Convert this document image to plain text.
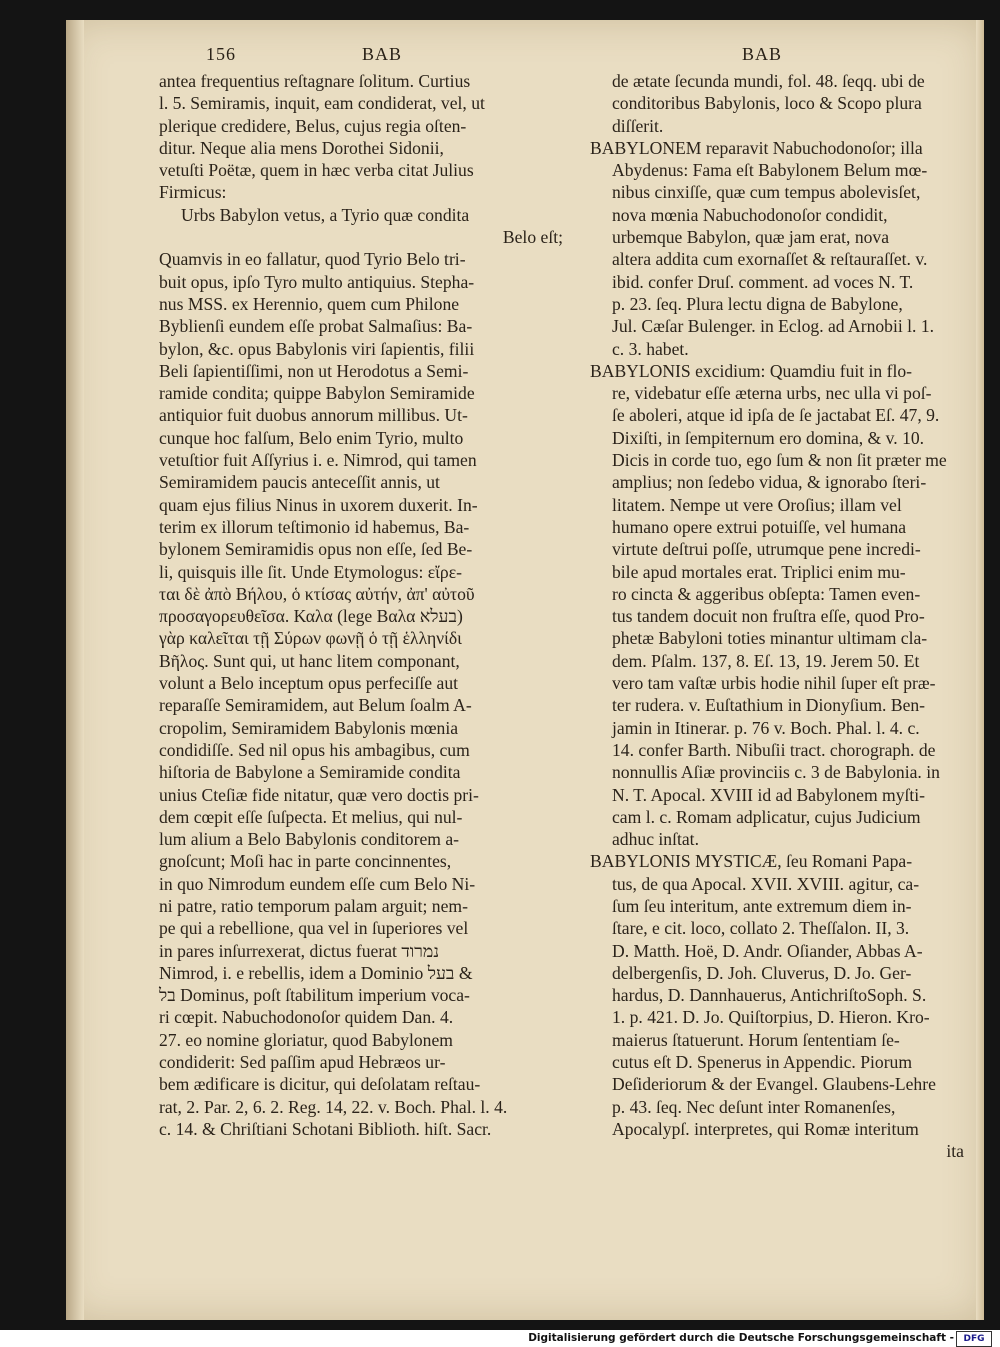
156	BAB	BAB
antea frequentius reſtagnare ſolitum. Curtius
l. 5. Semiramis, inquit, eam condiderat, vel, ut
plerique credidere, Belus, cujus regia oſten-
ditur. Neque alia mens Dorothei Sidonii,
vetuſti Poëtæ, quem in hæc verba citat Julius
Firmicus:
Urbs Babylon vetus, a Tyrio quæ condita
Belo eſt;
Quamvis in eo fallatur, quod Tyrio Belo tri-
buit opus, ipſo Tyro multo antiquius. Stepha-
nus MSS. ex Herennio, quem cum Philone
Byblienſi eundem eſſe probat Salmaſius: Ba-
bylon, &c. opus Babylonis viri ſapientis, filii
Beli ſapientiſſimi, non ut Herodotus a Semi-
ramide condita; quippe Babylon Semiramide
antiquior fuit duobus annorum millibus. Ut-
cunque hoc falſum, Belo enim Tyrio, multo
vetuſtior fuit Aſſyrius i. e. Nimrod, qui tamen
Semiramidem paucis anteceſſit annis, ut
quam ejus filius Ninus in uxorem duxerit. In-
terim ex illorum teſtimonio id habemus, Ba-
bylonem Semiramidis opus non eſſe, ſed Be-
li, quisquis ille ſit. Unde Etymologus: εἴρε-
ται δὲ ἀπὸ Βήλου, ὁ κτίσας αὐτήν, ἀπ' αὐτοῦ
προσαγορευθεῖσα. Καλα (lege Βαλα בעלא)
γὰρ καλεῖται τῇ Σύρων φωνῇ ὁ τῇ ἑλληνίδι
Βῆλος. Sunt qui, ut hanc litem componant,
volunt a Belo inceptum opus perfeciſſe aut
reparaſſe Semiramidem, aut Belum ſoalm A-
cropolim, Semiramidem Babylonis mœnia
condidiſſe. Sed nil opus his ambagibus, cum
hiſtoria de Babylone a Semiramide condita
unius Cteſiæ fide nitatur, quæ vero doctis pri-
dem cœpit eſſe ſuſpecta. Et melius, qui nul-
lum alium a Belo Babylonis conditorem a-
gnoſcunt; Moſi hac in parte concinnentes,
in quo Nimrodum eundem eſſe cum Belo Ni-
ni patre, ratio temporum palam arguit; nem-
pe qui a rebellione, qua vel in ſuperiores vel
in pares inſurrexerat, dictus fuerat נמרוד
Nimrod, i. e rebellis, idem a Dominio בעל &
בל Dominus, poſt ſtabilitum imperium voca-
ri cœpit. Nabuchodonoſor quidem Dan. 4.
27. eo nomine gloriatur, quod Babylonem
condiderit: Sed paſſim apud Hebræos ur-
bem ædificare is dicitur, qui deſolatam reſtau-
rat, 2. Par. 2, 6. 2. Reg. 14, 22. v. Boch. Phal. l. 4.
c. 14. & Chriſtiani Schotani Biblioth. hiſt. Sacr.
de ætate ſecunda mundi, fol. 48. ſeqq. ubi de
conditoribus Babylonis, loco & Scopo plura
diſſerit.
BABYLONEM reparavit Nabuchodonoſor; illa
Abydenus: Fama eſt Babylonem Belum mœ-
nibus cinxiſſe, quæ cum tempus abolevisſet,
nova mœnia Nabuchodonoſor condidit,
urbemque Babylon, quæ jam erat, nova
altera addita cum exornaſſet & reſtauraſſet. v.
ibid. confer Druſ. comment. ad voces N. T.
p. 23. ſeq. Plura lectu digna de Babylone,
Jul. Cæſar Bulenger. in Eclog. ad Arnobii l. 1.
c. 3. habet.
BABYLONIS excidium: Quamdiu fuit in flo-
re, videbatur eſſe æterna urbs, nec ulla vi poſ-
ſe aboleri, atque id ipſa de ſe jactabat Eſ. 47, 9.
Dixiſti, in ſempiternum ero domina, & v. 10.
Dicis in corde tuo, ego ſum & non ſit præter me
amplius; non ſedebo vidua, & ignorabo ſteri-
litatem. Nempe ut vere Oroſius; illam vel
humano opere extrui potuiſſe, vel humana
virtute deſtrui poſſe, utrumque pene incredi-
bile apud mortales erat. Triplici enim mu-
ro cincta & aggeribus obſepta: Tamen even-
tus tandem docuit non fruſtra eſſe, quod Pro-
phetæ Babyloni toties minantur ultimam cla-
dem. Pſalm. 137, 8. Eſ. 13, 19. Jerem 50. Et
vero tam vaſtæ urbis hodie nihil ſuper eſt præ-
ter rudera. v. Euſtathium in Dionyſium. Ben-
jamin in Itinerar. p. 76 v. Boch. Phal. l. 4. c.
14. confer Barth. Nibuſii tract. chorograph. de
nonnullis Aſiæ provinciis c. 3 de Babylonia. in
N. T. Apocal. XVIII id ad Babylonem myſti-
cam l. c. Romam adplicatur, cujus Judicium
adhuc inſtat.
BABYLONIS MYSTICÆ, ſeu Romani Papa-
tus, de qua Apocal. XVII. XVIII. agitur, ca-
ſum ſeu interitum, ante extremum diem in-
ſtare, e cit. loco, collato 2. Theſſalon. II, 3.
D. Matth. Hoë, D. Andr. Oſiander, Abbas A-
delbergenſis, D. Joh. Cluverus, D. Jo. Ger-
hardus, D. Dannhauerus, AntichriſtoSoph. S.
1. p. 421. D. Jo. Quiſtorpius, D. Hieron. Kro-
maierus ſtatuerunt. Horum ſententiam ſe-
cutus eſt D. Spenerus in Appendic. Piorum
Deſideriorum & der Evangel. Glaubens-Lehre
p. 43. ſeq. Nec deſunt inter Romanenſes,
Apocalypſ. interpretes, qui Romæ interitum
ita
Digitalisierung gefördert durch die Deutsche Forschungsgemeinschaft -	DFG
